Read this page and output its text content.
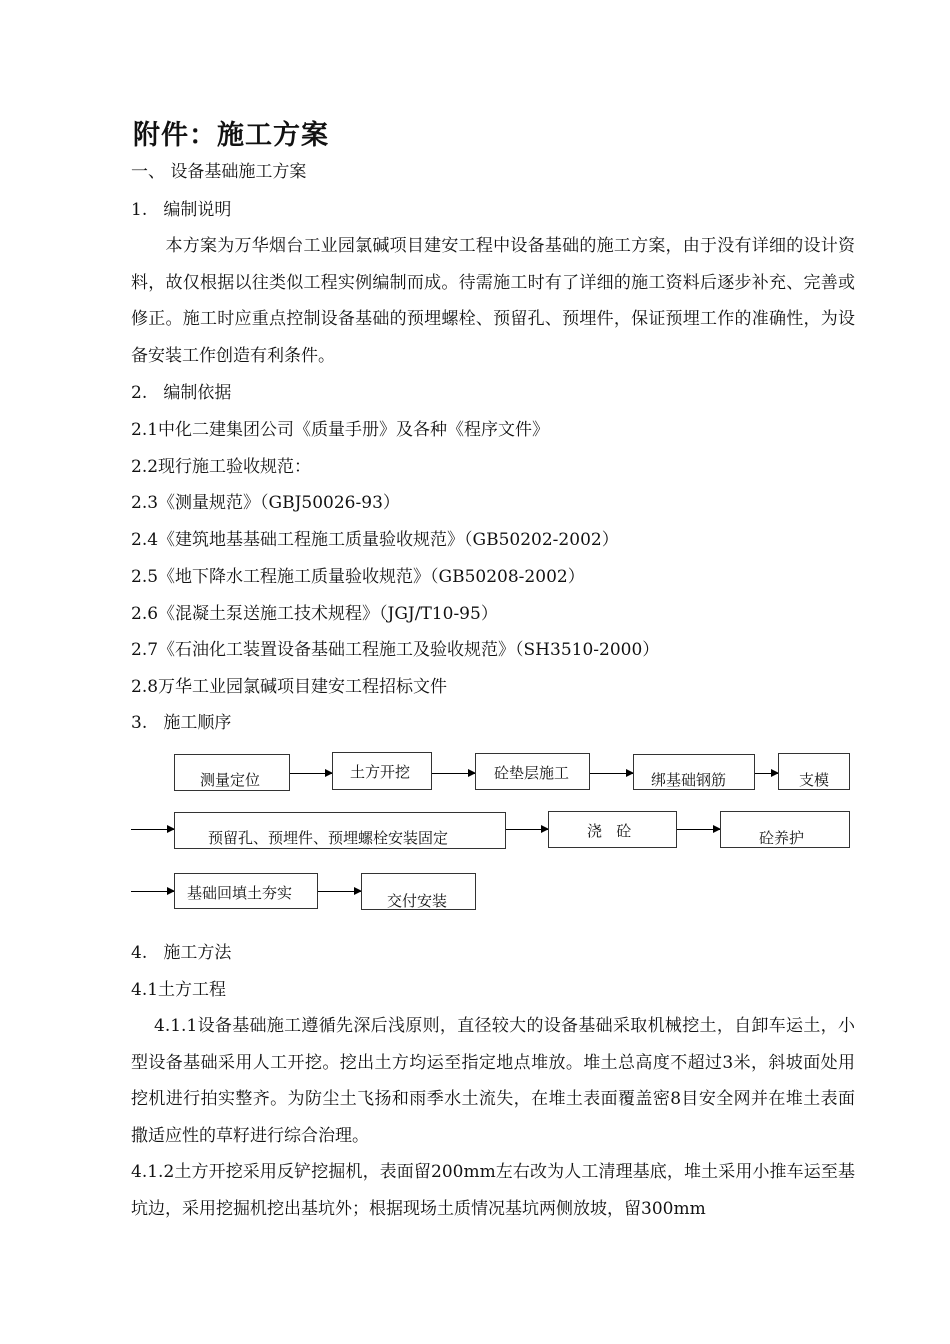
附件：施工方案
一、 设备基础施工方案
1.   编制说明
　　本方案为万华烟台工业园氯碱项目建安工程中设备基础的施工方案，由于没有详细的设计资料，故仅根据以往类似工程实例编制而成。待需施工时有了详细的施工资料后逐步补充、完善或修正。施工时应重点控制设备基础的预埋螺栓、预留孔、预埋件，保证预埋工作的准确性，为设备安装工作创造有利条件。
2.   编制依据
2.1中化二建集团公司《质量手册》及各种《程序文件》
2.2现行施工验收规范：
2.3《测量规范》（GBJ50026-93）
2.4《建筑地基基础工程施工质量验收规范》（GB50202-2002）
2.5《地下降水工程施工质量验收规范》（GB50208-2002）
2.6《混凝土泵送施工技术规程》（JGJ/T10-95）
2.7《石油化工装置设备基础工程施工及验收规范》（SH3510-2000）
2.8万华工业园氯碱项目建安工程招标文件
3.   施工顺序
测量定位	土方开挖	砼垫层施工	绑基础钢筋	支模
预留孔、预埋件、预埋螺栓安装固定	浇   砼	砼养护
基础回填土夯实	交付安装
4.   施工方法
4.1土方工程
　 4.1.1设备基础施工遵循先深后浅原则，直径较大的设备基础采取机械挖土，自卸车运土，小型设备基础采用人工开挖。挖出土方均运至指定地点堆放。堆土总高度不超过3米，斜坡面处用挖机进行拍实整齐。为防尘土飞扬和雨季水土流失，在堆土表面覆盖密8目安全网并在堆土表面撒适应性的草籽进行综合治理。
4.1.2土方开挖采用反铲挖掘机，表面留200mm左右改为人工清理基底，堆土采用小推车运至基坑边，采用挖掘机挖出基坑外；根据现场土质情况基坑两侧放坡，留300mm
